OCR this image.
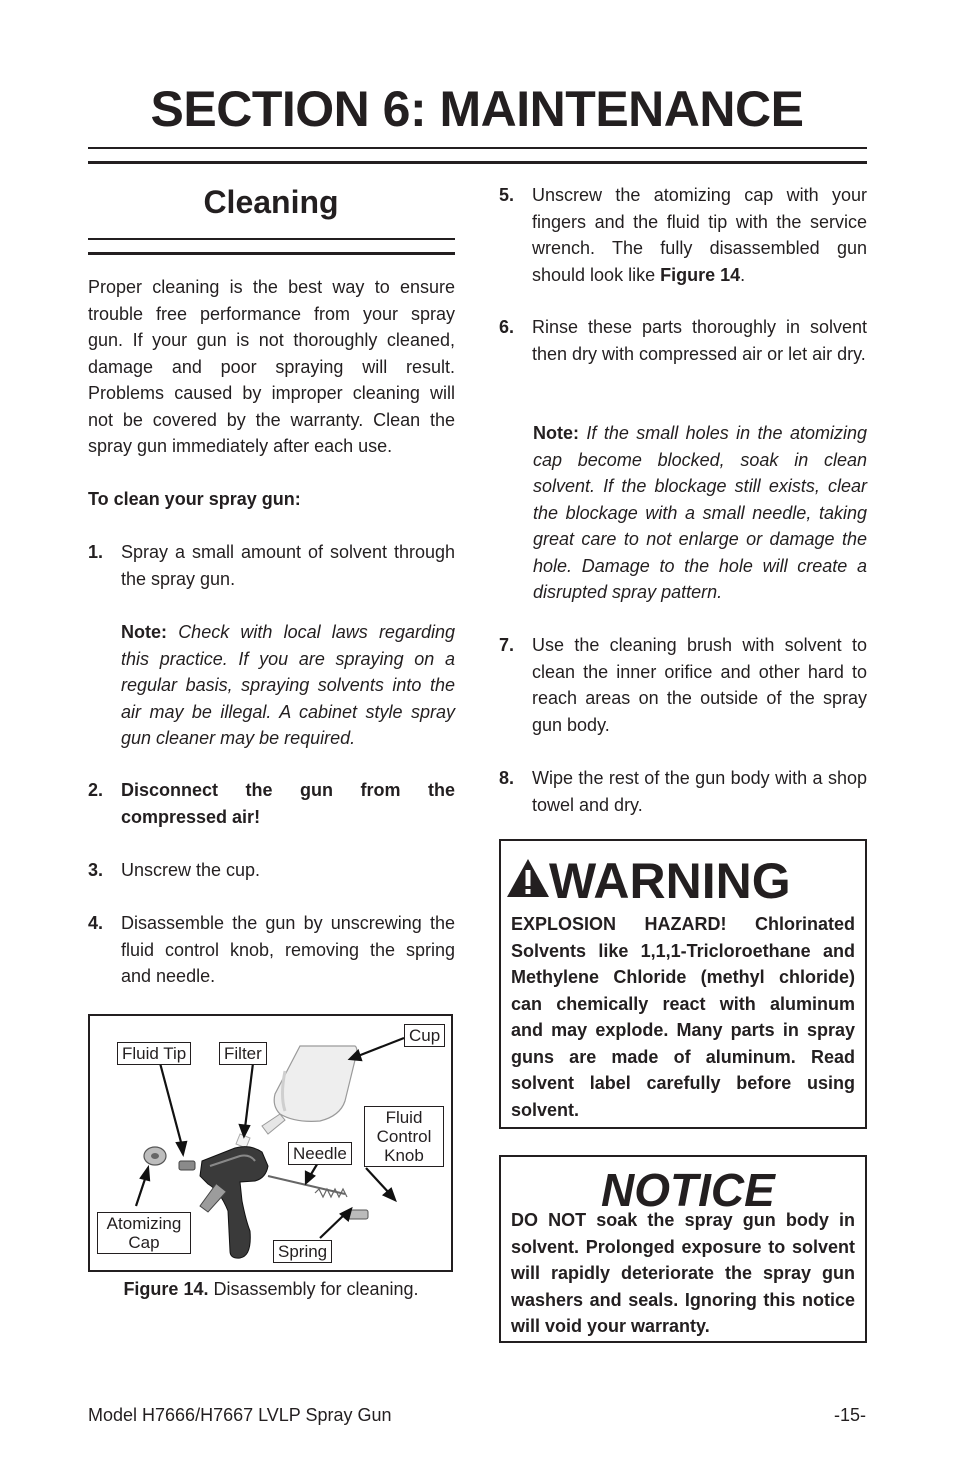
SECTION 6: MAINTENANCE
Cleaning
Proper cleaning is the best way to ensure trouble free performance from your spray gun. If your gun is not thoroughly cleaned, damage and poor spraying will result. Problems caused by improper cleaning will not be covered by the warranty. Clean the spray gun immediately after each use.
To clean your spray gun:
1. Spray a small amount of solvent through the spray gun.
Note: Check with local laws regarding this practice. If you are spraying on a regular basis, spraying solvents into the air may be illegal. A cabinet style spray gun cleaner may be required.
2. Disconnect the gun from the compressed air!
3. Unscrew the cup.
4. Disassemble the gun by unscrewing the fluid control knob, removing the spring and needle.
Fluid Tip Filter
Cup
Fluid
Control
Knob
Needle
Atomizing
Cap	Spring
Figure 14. Disassembly for cleaning.
5. Unscrew the atomizing cap with your fingers and the fluid tip with the service wrench. The fully disassembled gun should look like Figure 14.
6. Rinse these parts thoroughly in solvent then dry with compressed air or let air dry.
Note: If the small holes in the atomizing cap become blocked, soak in clean solvent. If the blockage still exists, clear the blockage with a small needle, taking great care to not enlarge or damage the hole. Damage to the hole will create a disrupted spray pattern.
7. Use the cleaning brush with solvent to clean the inner orifice and other hard to reach areas on the outside of the spray gun body.
8. Wipe the rest of the gun body with a shop towel and dry.
WARNING
EXPLOSION HAZARD! Chlorinated Solvents like 1,1,1-Tricloroethane and Methylene Chloride (methyl chloride) can chemically react with aluminum and may explode. Many parts in spray guns are made of aluminum. Read solvent label carefully before using solvent.
NOTICE
DO NOT soak the spray gun body in solvent. Prolonged exposure to solvent will rapidly deteriorate the spray gun washers and seals. Ignoring this notice will void your warranty.
Model H7666/H7667 LVLP Spray Gun	-15-
